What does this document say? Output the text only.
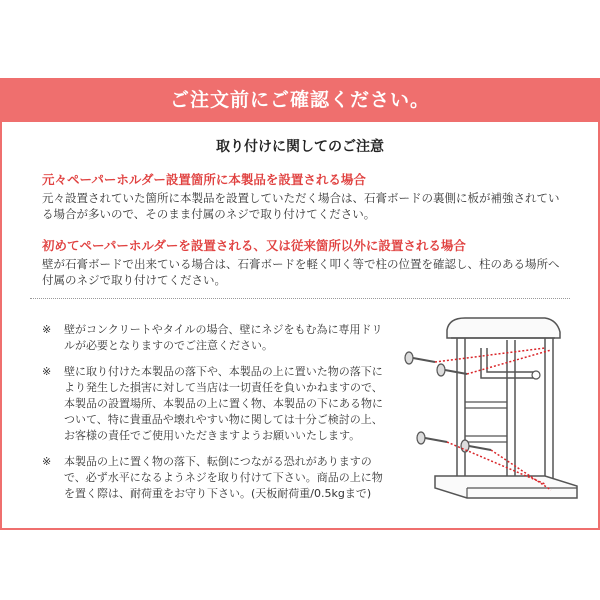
ご注文前にご確認ください。
取り付けに関してのご注意
元々ペーパーホルダー設置箇所に本製品を設置される場合
元々設置されていた箇所に本製品を設置していただく場合は、石膏ボードの裏側に板が補強されている場合が多いので、そのまま付属のネジで取り付けてください。
初めてペーパーホルダーを設置される、又は従来箇所以外に設置される場合
壁が石膏ボードで出来ている場合は、石膏ボードを軽く叩く等で柱の位置を確認し、柱のある場所へ付属のネジで取り付けてください。
※	壁がコンクリートやタイルの場合、壁にネジをもむ為に専用ドリルが必要となりますのでご注意ください。
※	壁に取り付けた本製品の落下や、本製品の上に置いた物の落下により発生した損害に対して当店は一切責任を負いかねますので、本製品の設置場所、本製品の上に置く物、本製品の下にある物について、特に貴重品や壊れやすい物に関しては十分ご検討の上、お客様の責任でご使用いただきますようお願いいたします。
※	本製品の上に置く物の落下、転倒につながる恐れがありますので、必ず水平になるようネジを取り付けて下さい。商品の上に物を置く際は、耐荷重をお守り下さい。(天板耐荷重/0.5kgまで)
